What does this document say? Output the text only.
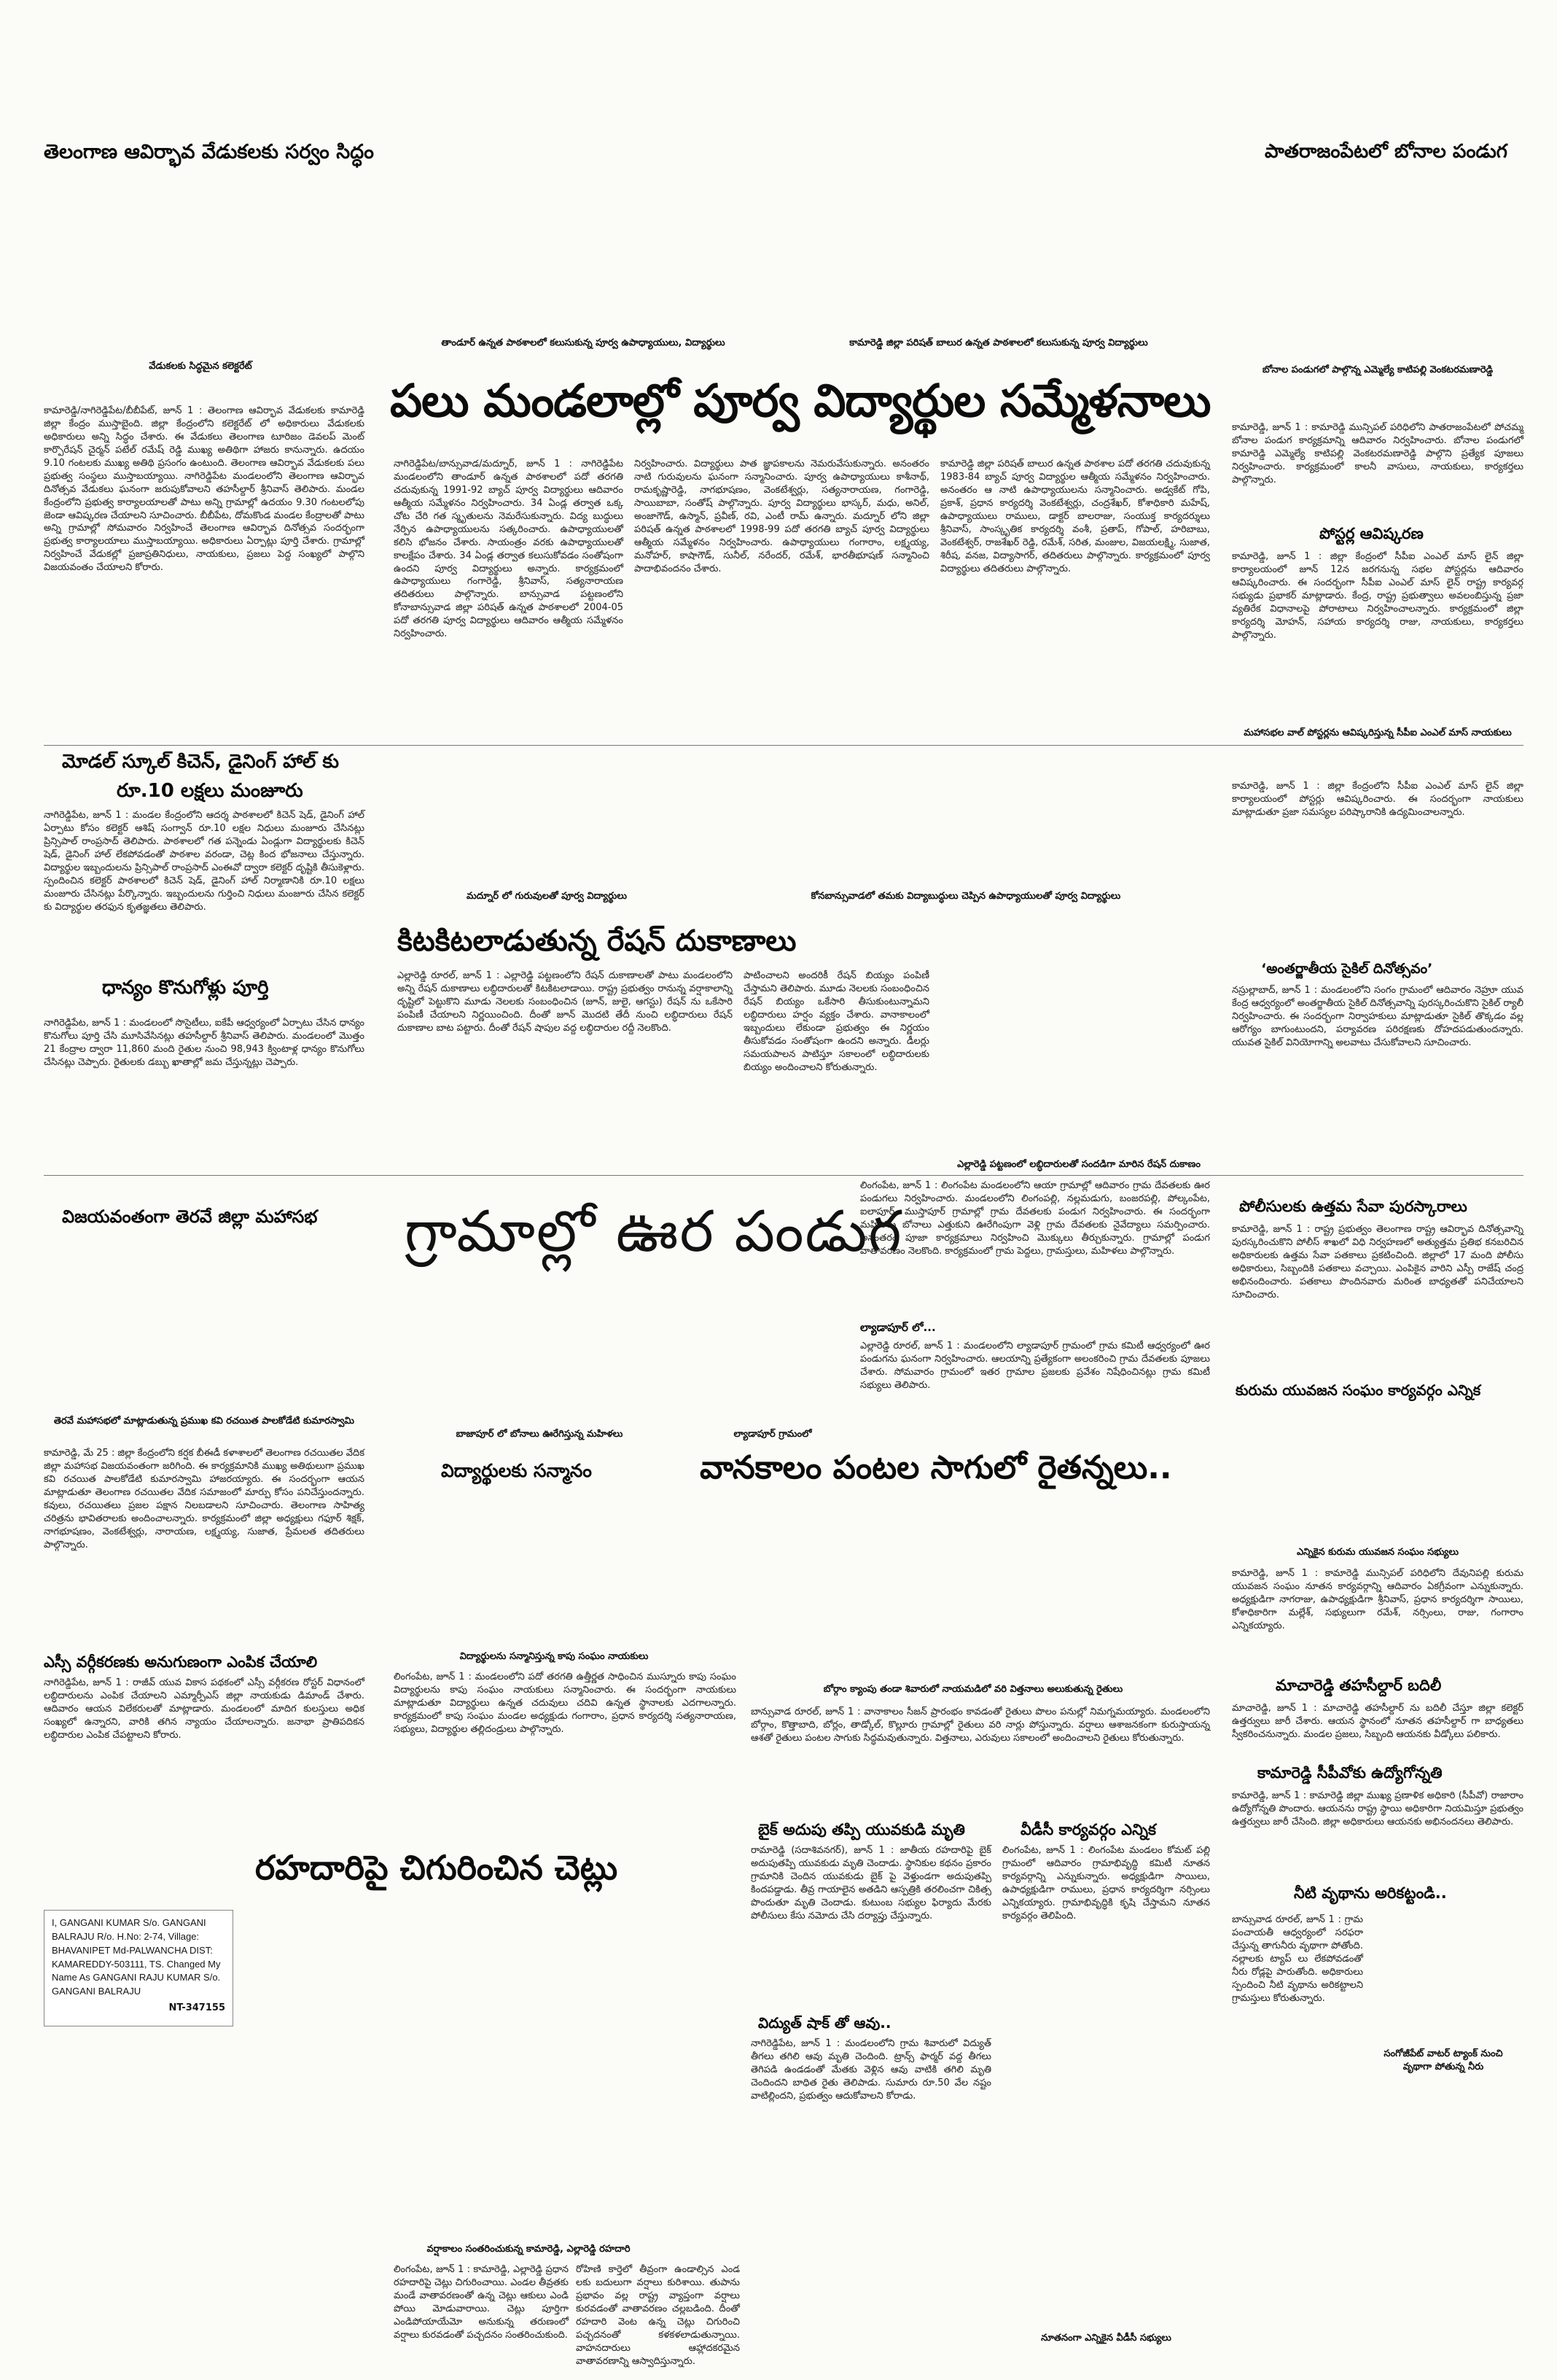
తెలంగాణ ఆవిర్భావ వేడుకలకు సర్వం సిద్ధం	పాతరాజంపేటలో బోనాల పండుగ
వేడుకలకు సిద్ధమైన కలెక్టరేట్
తాండూర్ ఉన్నత పాఠశాలలో కలుసుకున్న పూర్వ ఉపాధ్యాయులు, విద్యార్థులు	కామారెడ్డి జిల్లా పరిషత్ బాలుర ఉన్నత పాఠశాలలో కలుసుకున్న పూర్వ విద్యార్థులు
బోనాల పండుగలో పాల్గొన్న ఎమ్మెల్యే కాటిపల్లి వెంకటరమణారెడ్డి
పలు మండలాల్లో పూర్వ విద్యార్థుల సమ్మేళనాలు
కామారెడ్డి/నాగిరెడ్డిపేట/బీబీపేట్, జూన్ 1 : తెలంగాణ ఆవిర్భావ వేడుకలకు కామారెడ్డి జిల్లా కేంద్రం ముస్తాబైంది. జిల్లా కేంద్రంలోని కలెక్టరేట్ లో అధికారులు వేడుకలకు అధికారులు అన్ని సిద్ధం చేశారు. ఈ వేడుకలు తెలంగాణ టూరిజం డెవలప్ మెంట్ కార్పొరేషన్ చైర్మన్ పటేల్ రమేష్ రెడ్డి ముఖ్య అతిథిగా హాజరు కానున్నారు. ఉదయం 9.10 గంటలకు ముఖ్య అతిథి ప్రసంగం ఉంటుంది. తెలంగాణ ఆవిర్భావ వేడుకలకు పలు ప్రభుత్వ సంస్థలు ముస్తాబయ్యాయి. నాగిరెడ్డిపేట మండలంలోని తెలంగాణ ఆవిర్భావ దినోత్సవ వేడుకలు ఘనంగా జరుపుకోవాలని తహసీల్దార్ శ్రీనివాస్ తెలిపారు. మండల కేంద్రంలోని ప్రభుత్వ కార్యాలయాలతో పాటు అన్ని గ్రామాల్లో ఉదయం 9.30 గంటలలోపు జెండా ఆవిష్కరణ చేయాలని సూచించారు. బీబీపేట, దోమకొండ మండల కేంద్రాలతో పాటు అన్ని గ్రామాల్లో సోమవారం నిర్వహించే తెలంగాణ ఆవిర్భావ దినోత్సవ సందర్భంగా ప్రభుత్వ కార్యాలయాలు ముస్తాబయ్యాయి. అధికారులు ఏర్పాట్లు పూర్తి చేశారు. గ్రామాల్లో నిర్వహించే వేడుకల్లో ప్రజాప్రతినిధులు, నాయకులు, ప్రజలు పెద్ద సంఖ్యలో పాల్గొని విజయవంతం చేయాలని కోరారు.
నాగిరెడ్డిపేట/బాన్సువాడ/మద్నూర్, జూన్ 1 : నాగిరెడ్డిపేట మండలంలోని తాండూర్ ఉన్నత పాఠశాలలో పదో తరగతి చదువుకున్న 1991-92 బ్యాచ్ పూర్వ విద్యార్థులు ఆదివారం ఆత్మీయ సమ్మేళనం నిర్వహించారు. 34 ఏండ్ల తర్వాత ఒక్క చోట చేరి గత స్మృతులను నెమరేసుకున్నారు. విద్య బుద్ధులు నేర్పిన ఉపాధ్యాయులను సత్కరించారు. ఉపాధ్యాయులతో కలిసి భోజనం చేశారు. సాయంత్రం వరకు ఉపాధ్యాయులతో కాలక్షేపం చేశారు. 34 ఏండ్ల తర్వాత కలుసుకోవడం సంతోషంగా ఉందని పూర్వ విద్యార్థులు అన్నారు. కార్యక్రమంలో ఉపాధ్యాయులు గంగారెడ్డి, శ్రీనివాస్, సత్యనారాయణ తదితరులు పాల్గొన్నారు. బాన్సువాడ పట్టణంలోని కోనాబాన్సువాడ జిల్లా పరిషత్ ఉన్నత పాఠశాలలో 2004-05 పదో తరగతి పూర్వ విద్యార్థులు ఆదివారం ఆత్మీయ సమ్మేళనం నిర్వహించారు.
నిర్వహించారు. విద్యార్థులు పాత జ్ఞాపకాలను నెమరువేసుకున్నారు. అనంతరం నాటి గురువులను ఘనంగా సన్మానించారు. పూర్వ ఉపాధ్యాయులు కాశీనాథ్, రామకృష్ణారెడ్డి, నాగభూషణం, వెంకటేశ్వర్లు, సత్యనారాయణ, గంగారెడ్డి, సాయిబాబా, సంతోష్ పాల్గొన్నారు. పూర్వ విద్యార్థులు భాస్కర్, మధు, అనిల్, అంజాగౌడ్, ఉస్మాన్, ప్రవీణ్, రవి, ఎంటీ రామ్ ఉన్నారు. మద్నూర్ లోని జిల్లా పరిషత్ ఉన్నత పాఠశాలలో 1998-99 పదో తరగతి బ్యాచ్ పూర్వ విద్యార్థులు ఆత్మీయ సమ్మేళనం నిర్వహించారు. ఉపాధ్యాయులు గంగారాం, లక్ష్మయ్య, మనోహర్, కాషాగౌడ్, సునీల్, నరేందర్, రమేశ్, భారతీభూషణ్ సన్మానించి పాదాభివందనం చేశారు.
కామారెడ్డి జిల్లా పరిషత్ బాలుర ఉన్నత పాఠశాల పదో తరగతి చదువుకున్న 1983-84 బ్యాచ్ పూర్వ విద్యార్థుల ఆత్మీయ సమ్మేళనం నిర్వహించారు. అనంతరం ఆ నాటి ఉపాధ్యాయులను సన్మానించారు. అడ్వకేట్ గోపి, ప్రకాశ్, ప్రధాన కార్యదర్శి వెంకటేశ్వర్లు, చంద్రశేఖర్, కోశాధికారి మహేష్, ఉపాధ్యాయులు రాములు, డాక్టర్ బాలరాజు, సంయుక్త కార్యదర్శులు శ్రీనివాస్, సాంస్కృతిక కార్యదర్శి వంశీ, ప్రతాప్, గోపాల్, హరిబాబు, వెంకటేశ్వర్, రాజశేఖర్ రెడ్డి, రమేశ్, సరిత, మంజుల, విజయలక్ష్మి, సుజాత, శిరీష, వనజ, విద్యాసాగర్, తదితరులు పాల్గొన్నారు. కార్యక్రమంలో పూర్వ విద్యార్థులు తదితరులు పాల్గొన్నారు.
కామారెడ్డి, జూన్ 1 : కామారెడ్డి మున్సిపల్ పరిధిలోని పాతరాజంపేటలో పోచమ్మ బోనాల పండుగ కార్యక్రమాన్ని ఆదివారం నిర్వహించారు. బోనాల పండుగలో కామారెడ్డి ఎమ్మెల్యే కాటిపల్లి వెంకటరమణారెడ్డి పాల్గొని ప్రత్యేక పూజలు నిర్వహించారు. కార్యక్రమంలో కాలనీ వాసులు, నాయకులు, కార్యకర్తలు పాల్గొన్నారు.
పోస్టర్ల ఆవిష్కరణ
కామారెడ్డి, జూన్ 1 : జిల్లా కేంద్రంలో సీపీఐ ఎంఎల్ మాస్ లైన్ జిల్లా కార్యాలయంలో జూన్ 12న జరగనున్న సభల పోస్టర్లను ఆదివారం ఆవిష్కరించారు. ఈ సందర్భంగా సీపీఐ ఎంఎల్ మాస్ లైన్ రాష్ట్ర కార్యవర్గ సభ్యుడు ప్రభాకర్ మాట్లాడారు. కేంద్ర, రాష్ట్ర ప్రభుత్వాలు అవలంబిస్తున్న ప్రజా వ్యతిరేక విధానాలపై పోరాటాలు నిర్వహించాలన్నారు. కార్యక్రమంలో జిల్లా కార్యదర్శి మోహన్, సహాయ కార్యదర్శి రాజు, నాయకులు, కార్యకర్తలు పాల్గొన్నారు.
మోడల్ స్కూల్ కిచెన్, డైనింగ్ హాల్ కు
రూ.10 లక్షలు మంజూరు
నాగిరెడ్డిపేట, జూన్ 1 : మండల కేంద్రంలోని ఆదర్శ పాఠశాలలో కిచెన్ షెడ్, డైనింగ్ హాల్ ఏర్పాటు కోసం కలెక్టర్ ఆశిష్ సంగ్వాన్ రూ.10 లక్షల నిధులు మంజూరు చేసినట్లు ప్రిన్సిపాల్ రాంప్రసాద్ తెలిపారు. పాఠశాలలో గత పన్నెండు ఏండ్లుగా విద్యార్థులకు కిచెన్ షెడ్, డైనింగ్ హాల్ లేకపోవడంతో పాఠశాల వరండా, చెట్ల కింద భోజనాలు చేస్తున్నారు. విద్యార్థుల ఇబ్బందులను ప్రిన్సిపాల్ రాంప్రసాద్ ఎంఈవో ద్వారా కలెక్టర్ దృష్టికి తీసుకెళ్లారు. స్పందించిన కలెక్టర్ పాఠశాలలో కిచెన్ షెడ్, డైనింగ్ హాల్ నిర్మాణానికి రూ.10 లక్షలు మంజూరు చేసినట్లు పేర్కొన్నారు. ఇబ్బందులను గుర్తించి నిధులు మంజూరు చేసిన కలెక్టర్ కు విద్యార్థుల తరఫున కృతజ్ఞతలు తెలిపారు.
ధాన్యం కొనుగోళ్లు పూర్తి
నాగిరెడ్డిపేట, జూన్ 1 : మండలంలో సొసైటీలు, ఐకేపీ ఆధ్వర్యంలో ఏర్పాటు చేసిన ధాన్యం కొనుగోలు పూర్తి చేసి మూసివేసినట్లు తహసీల్దార్ శ్రీనివాస్ తెలిపారు. మండలంలో మొత్తం 21 కేంద్రాల ద్వారా 11,860 మంది రైతుల నుంచి 98,943 క్వింటాళ్ల ధాన్యం కొనుగోలు చేసినట్లు చెప్పారు. రైతులకు డబ్బు ఖాతాల్లో జమ చేస్తున్నట్లు చెప్పారు.
మద్నూర్ లో గురువులతో పూర్వ విద్యార్థులు	కోనబాన్సువాడలో తమకు విద్యాబుద్ధులు చెప్పిన ఉపాధ్యాయులతో పూర్వ విద్యార్థులు
కిటకిటలాడుతున్న రేషన్ దుకాణాలు
ఎల్లారెడ్డి రూరల్, జూన్ 1 : ఎల్లారెడ్డి పట్టణంలోని రేషన్ దుకాణాలతో పాటు మండలంలోని అన్ని రేషన్ దుకాణాలు లబ్ధిదారులతో కిటకిటలాడాయి. రాష్ట్ర ప్రభుత్వం రానున్న వర్షాకాలాన్ని దృష్టిలో పెట్టుకొని మూడు నెలలకు సంబంధించిన (జూన్, జులై, ఆగస్టు) రేషన్ ను ఒకేసారి పంపిణీ చేయాలని నిర్ణయించింది. దీంతో జూన్ మొదటి తేదీ నుంచి లబ్ధిదారులు రేషన్ దుకాణాల బాట పట్టారు. దీంతో రేషన్ షాపుల వద్ద లబ్ధిదారుల రద్దీ నెలకొంది.
పాటించాలని అందరికీ రేషన్ బియ్యం పంపిణీ చేస్తామని తెలిపారు. మూడు నెలలకు సంబంధించిన రేషన్ బియ్యం ఒకేసారి తీసుకుంటున్నామని లబ్ధిదారులు హర్షం వ్యక్తం చేశారు. వానాకాలంలో ఇబ్బందులు లేకుండా ప్రభుత్వం ఈ నిర్ణయం తీసుకోవడం సంతోషంగా ఉందని అన్నారు. డీలర్లు సమయపాలన పాటిస్తూ సకాలంలో లబ్ధిదారులకు బియ్యం అందించాలని కోరుతున్నారు.
ఎల్లారెడ్డి పట్టణంలో లబ్ధిదారులతో సందడిగా మారిన రేషన్ దుకాణం
మహాసభల వాల్ పోస్టర్లను ఆవిష్కరిస్తున్న సీపీఐ ఎంఎల్ మాస్ నాయకులు
కామారెడ్డి, జూన్ 1 : జిల్లా కేంద్రంలోని సీపీఐ ఎంఎల్ మాస్ లైన్ జిల్లా కార్యాలయంలో పోస్టర్లు ఆవిష్కరించారు. ఈ సందర్భంగా నాయకులు మాట్లాడుతూ ప్రజా సమస్యల పరిష్కారానికి ఉద్యమించాలన్నారు.
‘అంతర్జాతీయ సైకిల్ దినోత్సవం’
నస్రుల్లాబాద్, జూన్ 1 : మండలంలోని సంగం గ్రామంలో ఆదివారం నెహ్రూ యువ కేంద్ర ఆధ్వర్యంలో అంతర్జాతీయ సైకిల్ దినోత్సవాన్ని పురస్కరించుకొని సైకిల్ ర్యాలీ నిర్వహించారు. ఈ సందర్భంగా నిర్వాహకులు మాట్లాడుతూ సైకిల్ తొక్కడం వల్ల ఆరోగ్యం బాగుంటుందని, పర్యావరణ పరిరక్షణకు దోహదపడుతుందన్నారు. యువత సైకిల్ వినియోగాన్ని అలవాటు చేసుకోవాలని సూచించారు.
విజయవంతంగా తెరవే జిల్లా మహాసభ
తెరవే మహాసభలో మాట్లాడుతున్న ప్రముఖ కవి రచయిత పాలకోడేటి కుమారస్వామి
కామారెడ్డి, మే 25 : జిల్లా కేంద్రంలోని కర్షక బీఈడీ కళాశాలలో తెలంగాణ రచయితల వేదిక జిల్లా మహాసభ విజయవంతంగా జరిగింది. ఈ కార్యక్రమానికి ముఖ్య అతిథులుగా ప్రముఖ కవి రచయిత పాలకోడేటి కుమారస్వామి హాజరయ్యారు. ఈ సందర్భంగా ఆయన మాట్లాడుతూ తెలంగాణ రచయితల వేదిక సమాజంలో మార్పు కోసం పనిచేస్తుందన్నారు. కవులు, రచయితలు ప్రజల పక్షాన నిలబడాలని సూచించారు. తెలంగాణ సాహిత్య చరిత్రను భావితరాలకు అందించాలన్నారు. కార్యక్రమంలో జిల్లా అధ్యక్షులు గఫూర్ శిక్షక్, నాగభూషణం, వెంకటేశ్వర్లు, నారాయణ, లక్ష్మయ్య, సుజాత, ప్రేమలత తదితరులు పాల్గొన్నారు.
ఎస్సీ వర్గీకరణకు అనుగుణంగా ఎంపిక చేయాలి
నాగిరెడ్డిపేట, జూన్ 1 : రాజీవ్ యువ వికాస పథకంలో ఎస్సీ వర్గీకరణ రోస్టర్ విధానంలో లబ్ధిదారులను ఎంపిక చేయాలని ఎమ్మార్పీఎస్ జిల్లా నాయకుడు డిమాండ్ చేశారు. ఆదివారం ఆయన విలేకరులతో మాట్లాడారు. మండలంలో మాదిగ కులస్తులు అధిక సంఖ్యలో ఉన్నారని, వారికి తగిన న్యాయం చేయాలన్నారు. జనాభా ప్రాతిపదికన లబ్ధిదారుల ఎంపిక చేపట్టాలని కోరారు.
గ్రామాల్లో ఊర పండుగ
లింగంపేట, జూన్ 1 : లింగంపేట మండలంలోని ఆయా గ్రామాల్లో ఆదివారం గ్రామ దేవతలకు ఊర పండుగలు నిర్వహించారు. మండలంలోని లింగంపల్లి, నల్లమడుగు, బంజరపల్లి, పోల్కంపేట, ఐలాపూర్, ముస్తాపూర్ గ్రామాల్లో గ్రామ దేవతలకు పండుగ నిర్వహించారు. ఈ సందర్భంగా మహిళలు బోనాలు ఎత్తుకుని ఊరేగింపుగా వెళ్లి గ్రామ దేవతలకు నైవేద్యాలు సమర్పించారు. అనంతరం పూజా కార్యక్రమాలు నిర్వహించి మొక్కులు తీర్చుకున్నారు. గ్రామాల్లో పండుగ వాతావరణం నెలకొంది. కార్యక్రమంలో గ్రామ పెద్దలు, గ్రామస్తులు, మహిళలు పాల్గొన్నారు.
ల్యాడాపూర్ లో...
ఎల్లారెడ్డి రూరల్, జూన్ 1 : మండలంలోని ల్యాడాపూర్ గ్రామంలో గ్రామ కమిటీ ఆధ్వర్యంలో ఊర పండుగను ఘనంగా నిర్వహించారు. ఆలయాన్ని ప్రత్యేకంగా అలంకరించి గ్రామ దేవతలకు పూజలు చేశారు. సోమవారం గ్రామంలో ఇతర గ్రామాల ప్రజలకు ప్రవేశం నిషేధించినట్లు గ్రామ కమిటీ సభ్యులు తెలిపారు.
బాజాపూర్ లో బోనాలు ఊరేగిస్తున్న మహిళలు	ల్యాడాపూర్ గ్రామంలో
విద్యార్థులకు సన్మానం	వానకాలం పంటల సాగులో రైతన్నలు..
పోలీసులకు ఉత్తమ సేవా పురస్కారాలు
కామారెడ్డి, జూన్ 1 : రాష్ట్ర ప్రభుత్వం తెలంగాణ రాష్ట్ర ఆవిర్భావ దినోత్సవాన్ని పురస్కరించుకొని పోలీస్ శాఖలో విధి నిర్వహణలో అత్యుత్తమ ప్రతిభ కనబరిచిన అధికారులకు ఉత్తమ సేవా పతకాలు ప్రకటించింది. జిల్లాలో 17 మంది పోలీసు అధికారులు, సిబ్బందికి పతకాలు వచ్చాయి. ఎంపికైన వారిని ఎస్పీ రాజేష్ చంద్ర అభినందించారు. పతకాలు పొందినవారు మరింత బాధ్యతతో పనిచేయాలని సూచించారు.
కురుమ యువజన సంఘం కార్యవర్గం ఎన్నిక
ఎన్నికైన కురుమ యువజన సంఘం సభ్యులు
కామారెడ్డి, జూన్ 1 : కామారెడ్డి మున్సిపల్ పరిధిలోని దేవునిపల్లి కురుమ యువజన సంఘం నూతన కార్యవర్గాన్ని ఆదివారం ఏకగ్రీవంగా ఎన్నుకున్నారు. అధ్యక్షుడిగా నాగరాజు, ఉపాధ్యక్షుడిగా శ్రీనివాస్, ప్రధాన కార్యదర్శిగా సాయిలు, కోశాధికారిగా మల్లేశ్, సభ్యులుగా రమేశ్, నర్సింలు, రాజు, గంగారాం ఎన్నికయ్యారు.
మాచారెడ్డి తహసీల్దార్ బదిలీ
మాచారెడ్డి, జూన్ 1 : మాచారెడ్డి తహసీల్దార్ ను బదిలీ చేస్తూ జిల్లా కలెక్టర్ ఉత్తర్వులు జారీ చేశారు. ఆయన స్థానంలో నూతన తహసీల్దార్ గా బాధ్యతలు స్వీకరించనున్నారు. మండల ప్రజలు, సిబ్బంది ఆయనకు వీడ్కోలు పలికారు.
కామారెడ్డి సీపీవోకు ఉద్యోగోన్నతి
కామారెడ్డి, జూన్ 1 : కామారెడ్డి జిల్లా ముఖ్య ప్రణాళిక అధికారి (సీపీవో) రాజారాం ఉద్యోగోన్నతి పొందారు. ఆయనను రాష్ట్ర స్థాయి అధికారిగా నియమిస్తూ ప్రభుత్వం ఉత్తర్వులు జారీ చేసింది. జిల్లా అధికారులు ఆయనకు అభినందనలు తెలిపారు.
నీటి వృథాను అరికట్టండి..
బాన్సువాడ రూరల్, జూన్ 1 : గ్రామ పంచాయతీ ఆధ్వర్యంలో సరఫరా చేస్తున్న తాగునీరు వృథాగా పోతోంది. నల్లాలకు ట్యాప్ లు లేకపోవడంతో నీరు రోడ్లపై పారుతోంది. అధికారులు స్పందించి నీటి వృథాను అరికట్టాలని గ్రామస్తులు కోరుతున్నారు.
సంగోజీపేట్ వాటర్ ట్యాంక్ నుంచి వృథాగా పోతున్న నీరు
విద్యార్థులను సన్మానిస్తున్న కాపు సంఘం నాయకులు
లింగంపేట, జూన్ 1 : మండలంలోని పదో తరగతి ఉత్తీర్ణత సాధించిన ముస్నూరు కాపు సంఘం విద్యార్థులను కాపు సంఘం నాయకులు సన్మానించారు. ఈ సందర్భంగా నాయకులు మాట్లాడుతూ విద్యార్థులు ఉన్నత చదువులు చదివి ఉన్నత స్థానాలకు ఎదగాలన్నారు. కార్యక్రమంలో కాపు సంఘం మండల అధ్యక్షుడు గంగారాం, ప్రధాన కార్యదర్శి సత్యనారాయణ, సభ్యులు, విద్యార్థుల తల్లిదండ్రులు పాల్గొన్నారు.
బోర్గాం క్యాంపు తండా శివారులో నాయమడిలో వరి విత్తనాలు అలుకుతున్న రైతులు
బాన్సువాడ రూరల్, జూన్ 1 : వానాకాలం సీజన్ ప్రారంభం కావడంతో రైతులు పొలం పనుల్లో నిమగ్నమయ్యారు. మండలంలోని బోర్గాం, కొత్తాబాది, బోర్లం, తాడ్కోల్, కొల్లూరు గ్రామాల్లో రైతులు వరి నార్లు పోస్తున్నారు. వర్షాలు ఆశాజనకంగా కురుస్తాయన్న ఆశతో రైతులు పంటల సాగుకు సిద్ధమవుతున్నారు. విత్తనాలు, ఎరువులు సకాలంలో అందించాలని రైతులు కోరుతున్నారు.
బైక్ అదుపు తప్పి యువకుడి మృతి
రామారెడ్డి (సదాశివనగర్), జూన్ 1 : జాతీయ రహదారిపై బైక్ అదుపుతప్పి యువకుడు మృతి చెందాడు. స్థానికుల కథనం ప్రకారం గ్రామానికి చెందిన యువకుడు బైక్ పై వెళ్తుండగా అదుపుతప్పి కిందపడ్డాడు. తీవ్ర గాయాలైన అతడిని ఆస్పత్రికి తరలించగా చికిత్స పొందుతూ మృతి చెందాడు. కుటుంబ సభ్యుల ఫిర్యాదు మేరకు పోలీసులు కేసు నమోదు చేసి దర్యాప్తు చేస్తున్నారు.
వీడీసీ కార్యవర్గం ఎన్నిక
లింగంపేట, జూన్ 1 : లింగంపేట మండలం కోమట్ పల్లి గ్రామంలో ఆదివారం గ్రామాభివృద్ధి కమిటీ నూతన కార్యవర్గాన్ని ఎన్నుకున్నారు. అధ్యక్షుడిగా సాయిలు, ఉపాధ్యక్షుడిగా రాములు, ప్రధాన కార్యదర్శిగా నర్సింలు ఎన్నికయ్యారు. గ్రామాభివృద్ధికి కృషి చేస్తామని నూతన కార్యవర్గం తెలిపింది.
విద్యుత్ షాక్ తో ఆవు..
నాగిరెడ్డిపేట, జూన్ 1 : మండలంలోని గ్రామ శివారులో విద్యుత్ తీగలు తగిలి ఆవు మృతి చెందింది. ట్రాన్స్ ఫార్మర్ వద్ద తీగలు తెగిపడి ఉండడంతో మేతకు వెళ్లిన ఆవు వాటికి తగిలి మృతి చెందిందని బాధిత రైతు తెలిపాడు. సుమారు రూ.50 వేల నష్టం వాటిల్లిందని, ప్రభుత్వం ఆదుకోవాలని కోరాడు.
నూతనంగా ఎన్నికైన వీడీసీ సభ్యులు
రహదారిపై చిగురించిన చెట్లు
I, GANGANI KUMAR S/o. GANGANI BALRAJU R/o. H.No: 2-74, Village: BHAVANIPET Md-PALWANCHA DIST: KAMAREDDY-503111, TS. Changed My Name As GANGANI RAJU KUMAR S/o. GANGANI BALRAJU
NT-347155
వర్షాకాలం సంతరించుకున్న కామారెడ్డి, ఎల్లారెడ్డి రహదారి
లింగంపేట, జూన్ 1 : కామారెడ్డి, ఎల్లారెడ్డి ప్రధాన రహదారిపై చెట్లు చిగురించాయి. ఎండల తీవ్రతకు మండే వాతావరణంతో ఉన్న చెట్లు ఆకులు ఎండి పోయి మోడువారాయి. చెట్లు పూర్తిగా ఎండిపోయాయేమో అనుకున్న తరుణంలో వర్షాలు కురవడంతో పచ్చదనం సంతరించుకుంది.
రోహిణి కార్తెలో తీవ్రంగా ఉండాల్సిన ఎండ లకు బదులుగా వర్షాలు కురిశాయి. తుపాను ప్రభావం వల్ల రాష్ట్ర వ్యాప్తంగా వర్షాలు కురవడంతో వాతావరణం చల్లబడింది. దీంతో రహదారి వెంట ఉన్న చెట్లు చిగురించి పచ్చదనంతో కళకళలాడుతున్నాయి. వాహనదారులు ఆహ్లాదకరమైన వాతావరణాన్ని ఆస్వాదిస్తున్నారు.
